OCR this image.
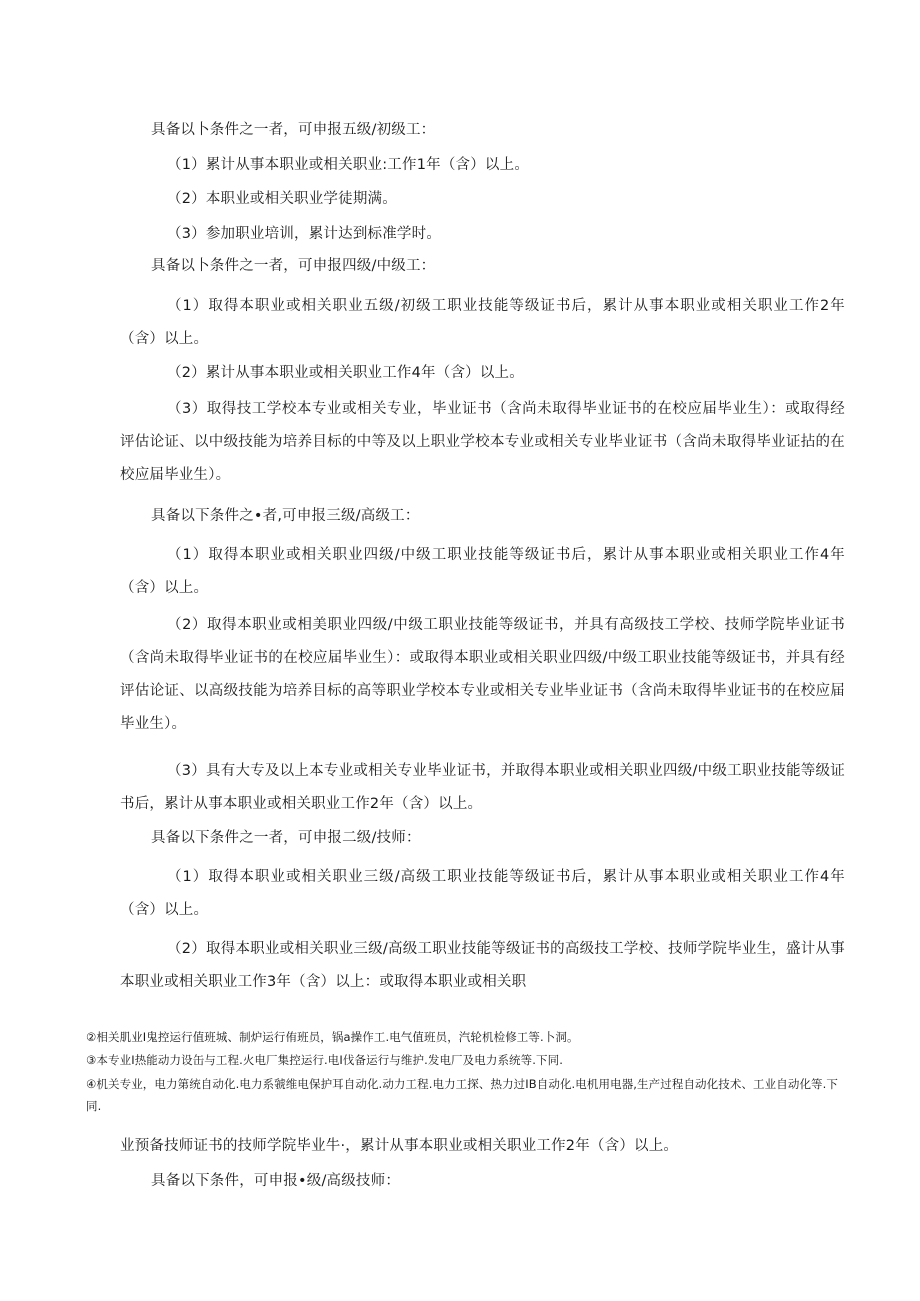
具备以卜条件之一者，可申报五级/初级工：
（1）累计从事本职业或相关职业:工作1年（含）以上。
（2）本职业或相关职业学徒期满。
（3）参加职业培训，累计达到标准学时。
具备以卜条件之一者，可申报四级/中级工：
（1）取得本职业或相关职业五级/初级工职业技能等级证书后，累计从事本职业或相关职业工作2年（含）以上。
（2）累计从事本职业或相关职业工作4年（含）以上。
（3）取得技工学校本专业或相关专业，毕业证书（含尚未取得毕业证书的在校应届毕业生）：或取得经评估论证、以中级技能为培养目标的中等及以上职业学校本专业或相关专业毕业证书（含尚未取得毕业证拈的在校应届毕业生）。
具备以下条件之•者,可申报三级/高级工：
（1）取得本职业或相关职业四级/中级工职业技能等级证书后，累计从事本职业或相关职业工作4年（含）以上。
（2）取得本职业或相美职业四级/中级工职业技能等级证书，并具有高级技工学校、技师学院毕业证书（含尚未取得毕业证书的在校应届毕业生）：或取得本职业或相关职业四级/中级工职业技能等级证书，并具有经评估论证、以高级技能为培养目标的高等职业学校本专业或相关专业毕业证书（含尚未取得毕业证书的在校应届毕业生）。
（3）具有大专及以上本专业或相关专业毕业证书，并取得本职业或相关职业四级/中级工职业技能等级证书后，累计从事本职业或相关职业工作2年（含）以上。
具备以下条件之一者，可申报二级/技师：
（1）取得本职业或相关职业三级/高级工职业技能等级证书后，累计从事本职业或相关职业工作4年（含）以上。
（2）取得本职业或相关职业三级/高级工职业技能等级证书的高级技工学校、技师学院毕业生，盛计从事本职业或相关职业工作3年（含）以上：或取得本职业或相关职
②相关肌业I鬼控运行值班城、制炉运行侑班员，锅a操作工.电气值班员，汽轮机检修工等.卜洞。
③本专业I热能动力设缶与工程.火电厂集控运行.电I伐备运行与维护.发电厂及电力系统等.下同.
④机关专业，电力第统自动化.电力系虢维电保护耳自动化.动力工程.电力工探、热力过IB自动化.电机用电器,生产过程自动化技术、工业自动化等.下同.
业预备技师证书的技师学院毕业牛·，累计从事本职业或相关职业工作2年（含）以上。
具备以下条件，可申报•级/高级技师：
